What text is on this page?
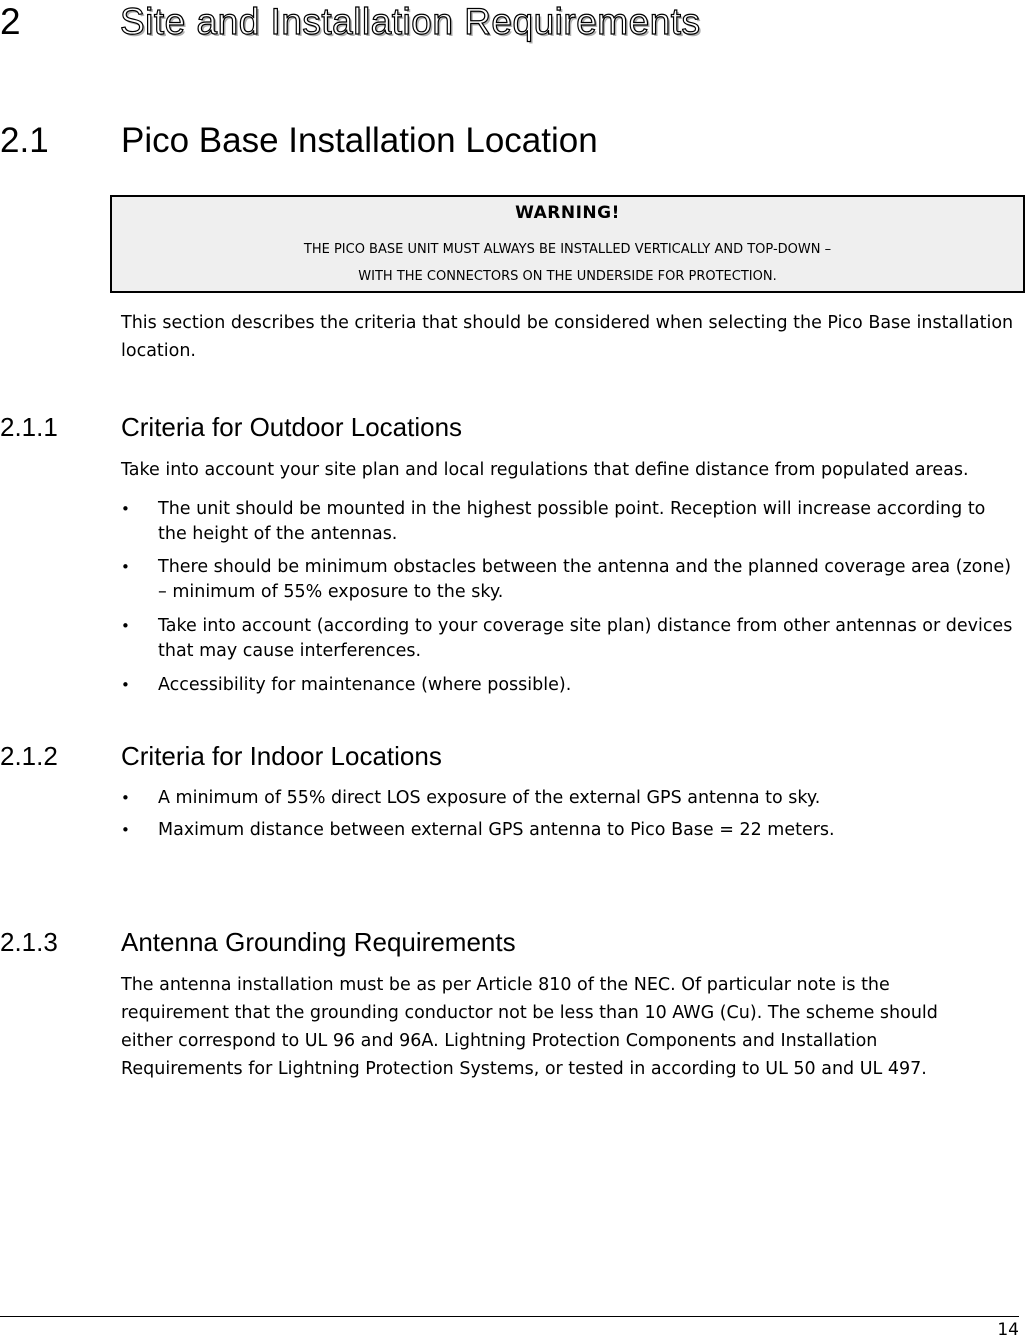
2	Site and Installation Requirements
2.1 Pico Base Installation Location
WARNING!
THE PICO BASE UNIT MUST ALWAYS BE INSTALLED VERTICALLY AND TOP-DOWN –
WITH THE CONNECTORS ON THE UNDERSIDE FOR PROTECTION.
This section describes the criteria that should be considered when selecting the Pico Base installation location.
2.1.1 Criteria for Outdoor Locations
Take into account your site plan and local regulations that define distance from populated areas.
• The unit should be mounted in the highest possible point. Reception will increase according to the height of the antennas.
• There should be minimum obstacles between the antenna and the planned coverage area (zone) – minimum of 55% exposure to the sky.
• Take into account (according to your coverage site plan) distance from other antennas or devices that may cause interferences.
• Accessibility for maintenance (where possible).
2.1.2 Criteria for Indoor Locations
• A minimum of 55% direct LOS exposure of the external GPS antenna to sky.
• Maximum distance between external GPS antenna to Pico Base = 22 meters.
2.1.3 Antenna Grounding Requirements
The antenna installation must be as per Article 810 of the NEC. Of particular note is the requirement that the grounding conductor not be less than 10 AWG (Cu). The scheme should either correspond to UL 96 and 96A. Lightning Protection Components and Installation Requirements for Lightning Protection Systems, or tested in according to UL 50 and UL 497.
14
